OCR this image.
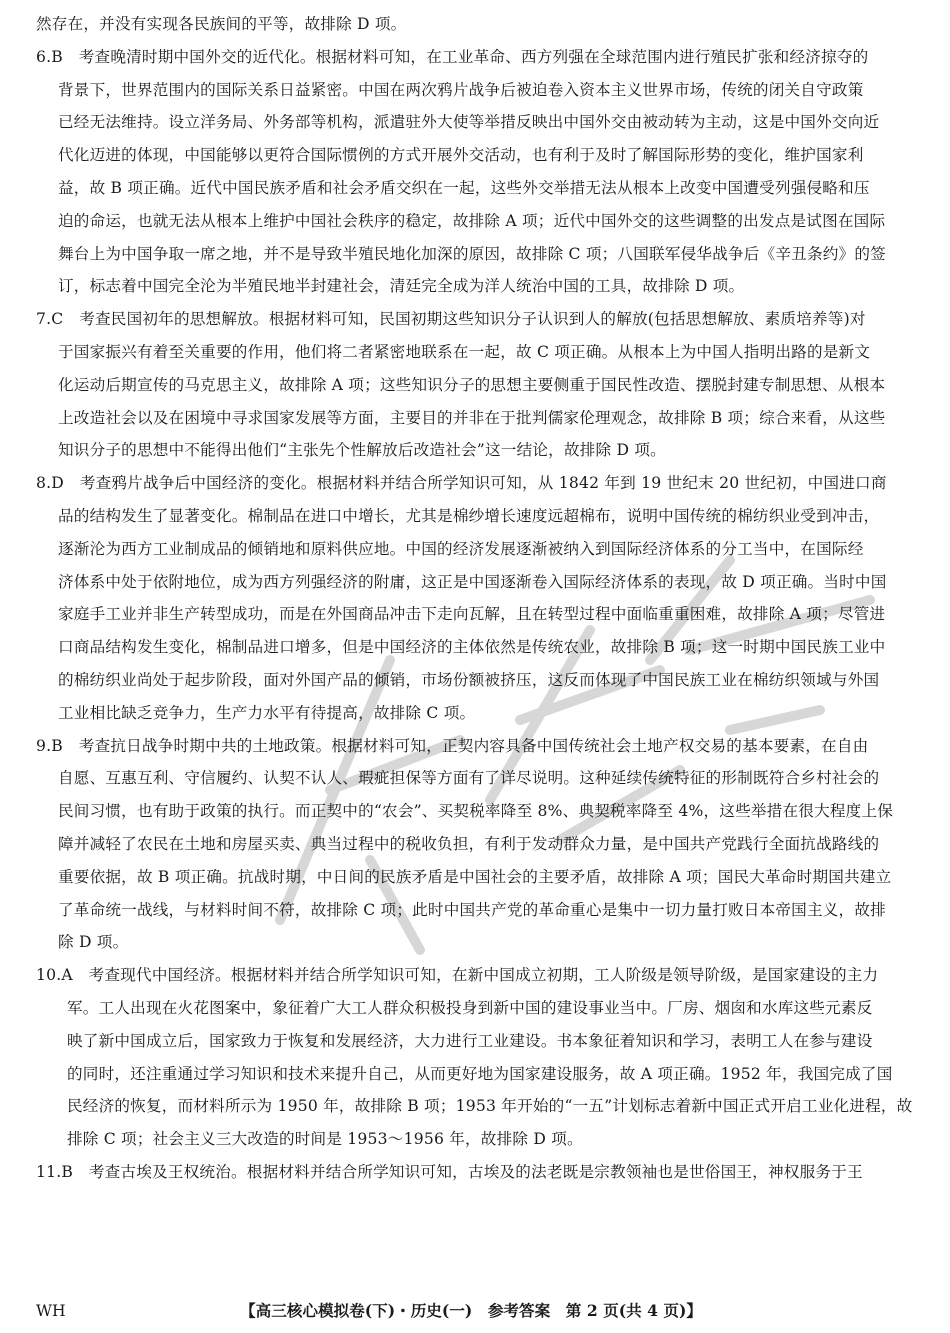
然存在，并没有实现各民族间的平等，故排除 D 项。
6.B　考查晚清时期中国外交的近代化。根据材料可知，在工业革命、西方列强在全球范围内进行殖民扩张和经济掠夺的
背景下，世界范围内的国际关系日益紧密。中国在两次鸦片战争后被迫卷入资本主义世界市场，传统的闭关自守政策
已经无法维持。设立洋务局、外务部等机构，派遣驻外大使等举措反映出中国外交由被动转为主动，这是中国外交向近
代化迈进的体现，中国能够以更符合国际惯例的方式开展外交活动，也有利于及时了解国际形势的变化，维护国家利
益，故 B 项正确。近代中国民族矛盾和社会矛盾交织在一起，这些外交举措无法从根本上改变中国遭受列强侵略和压
迫的命运，也就无法从根本上维护中国社会秩序的稳定，故排除 A 项；近代中国外交的这些调整的出发点是试图在国际
舞台上为中国争取一席之地，并不是导致半殖民地化加深的原因，故排除 C 项；八国联军侵华战争后《辛丑条约》的签
订，标志着中国完全沦为半殖民地半封建社会，清廷完全成为洋人统治中国的工具，故排除 D 项。
7.C　考查民国初年的思想解放。根据材料可知，民国初期这些知识分子认识到人的解放(包括思想解放、素质培养等)对
于国家振兴有着至关重要的作用，他们将二者紧密地联系在一起，故 C 项正确。从根本上为中国人指明出路的是新文
化运动后期宣传的马克思主义，故排除 A 项；这些知识分子的思想主要侧重于国民性改造、摆脱封建专制思想、从根本
上改造社会以及在困境中寻求国家发展等方面，主要目的并非在于批判儒家伦理观念，故排除 B 项；综合来看，从这些
知识分子的思想中不能得出他们“主张先个性解放后改造社会”这一结论，故排除 D 项。
8.D　考查鸦片战争后中国经济的变化。根据材料并结合所学知识可知，从 1842 年到 19 世纪末 20 世纪初，中国进口商
品的结构发生了显著变化。棉制品在进口中增长，尤其是棉纱增长速度远超棉布，说明中国传统的棉纺织业受到冲击，
逐渐沦为西方工业制成品的倾销地和原料供应地。中国的经济发展逐渐被纳入到国际经济体系的分工当中，在国际经
济体系中处于依附地位，成为西方列强经济的附庸，这正是中国逐渐卷入国际经济体系的表现，故 D 项正确。当时中国
家庭手工业并非生产转型成功，而是在外国商品冲击下走向瓦解，且在转型过程中面临重重困难，故排除 A 项；尽管进
口商品结构发生变化，棉制品进口增多，但是中国经济的主体依然是传统农业，故排除 B 项；这一时期中国民族工业中
的棉纺织业尚处于起步阶段，面对外国产品的倾销，市场份额被挤压，这反而体现了中国民族工业在棉纺织领域与外国
工业相比缺乏竞争力，生产力水平有待提高，故排除 C 项。
9.B　考查抗日战争时期中共的土地政策。根据材料可知，正契内容具备中国传统社会土地产权交易的基本要素，在自由
自愿、互惠互利、守信履约、认契不认人、瑕疵担保等方面有了详尽说明。这种延续传统特征的形制既符合乡村社会的
民间习惯，也有助于政策的执行。而正契中的“农会”、买契税率降至 8%、典契税率降至 4%，这些举措在很大程度上保
障并减轻了农民在土地和房屋买卖、典当过程中的税收负担，有利于发动群众力量，是中国共产党践行全面抗战路线的
重要依据，故 B 项正确。抗战时期，中日间的民族矛盾是中国社会的主要矛盾，故排除 A 项；国民大革命时期国共建立
了革命统一战线，与材料时间不符，故排除 C 项；此时中国共产党的革命重心是集中一切力量打败日本帝国主义，故排
除 D 项。
10.A　考查现代中国经济。根据材料并结合所学知识可知，在新中国成立初期，工人阶级是领导阶级，是国家建设的主力
军。工人出现在火花图案中，象征着广大工人群众积极投身到新中国的建设事业当中。厂房、烟囱和水库这些元素反
映了新中国成立后，国家致力于恢复和发展经济，大力进行工业建设。书本象征着知识和学习，表明工人在参与建设
的同时，还注重通过学习知识和技术来提升自己，从而更好地为国家建设服务，故 A 项正确。1952 年，我国完成了国
民经济的恢复，而材料所示为 1950 年，故排除 B 项；1953 年开始的“一五”计划标志着新中国正式开启工业化进程，故
排除 C 项；社会主义三大改造的时间是 1953～1956 年，故排除 D 项。
11.B　考查古埃及王权统治。根据材料并结合所学知识可知，古埃及的法老既是宗教领袖也是世俗国王，神权服务于王
WH	【高三核心模拟卷(下)・历史(一)　参考答案　第 2 页(共 4 页)】
